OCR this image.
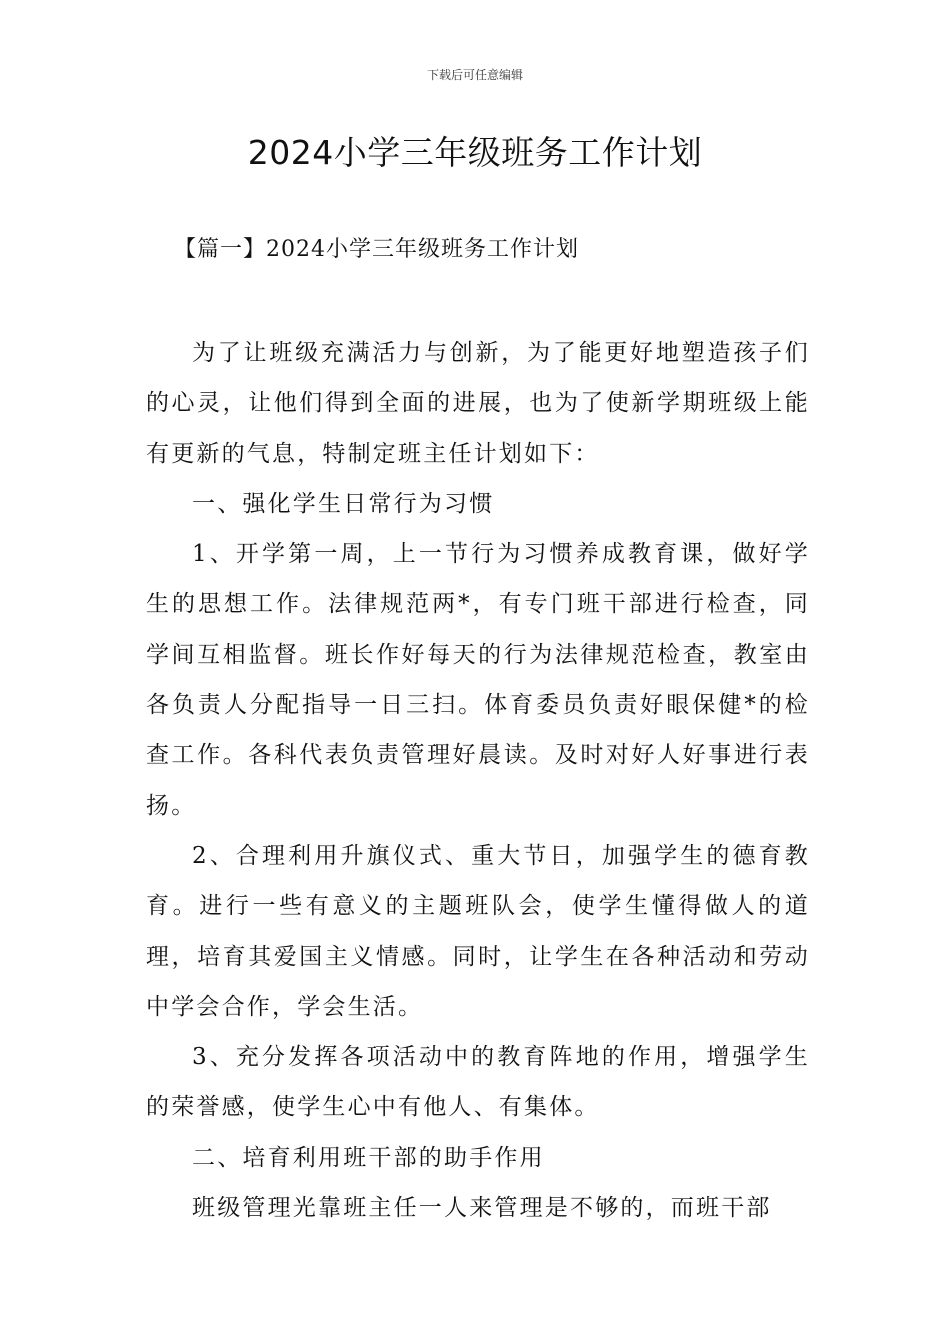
下载后可任意编辑
2024小学三年级班务工作计划
【篇一】2024小学三年级班务工作计划

为了让班级充满活力与创新，为了能更好地塑造孩子们的心灵，让他们得到全面的进展，也为了使新学期班级上能有更新的气息，特制定班主任计划如下：

一、强化学生日常行为习惯

1、开学第一周，上一节行为习惯养成教育课，做好学生的思想工作。法律规范两*，有专门班干部进行检查，同学间互相监督。班长作好每天的行为法律规范检查，教室由各负责人分配指导一日三扫。体育委员负责好眼保健*的检查工作。各科代表负责管理好晨读。及时对好人好事进行表扬。

2、合理利用升旗仪式、重大节日，加强学生的德育教育。进行一些有意义的主题班队会，使学生懂得做人的道理，培育其爱国主义情感。同时，让学生在各种活动和劳动中学会合作，学会生活。

3、充分发挥各项活动中的教育阵地的作用，增强学生的荣誉感，使学生心中有他人、有集体。

二、培育利用班干部的助手作用

班级管理光靠班主任一人来管理是不够的，而班干部
